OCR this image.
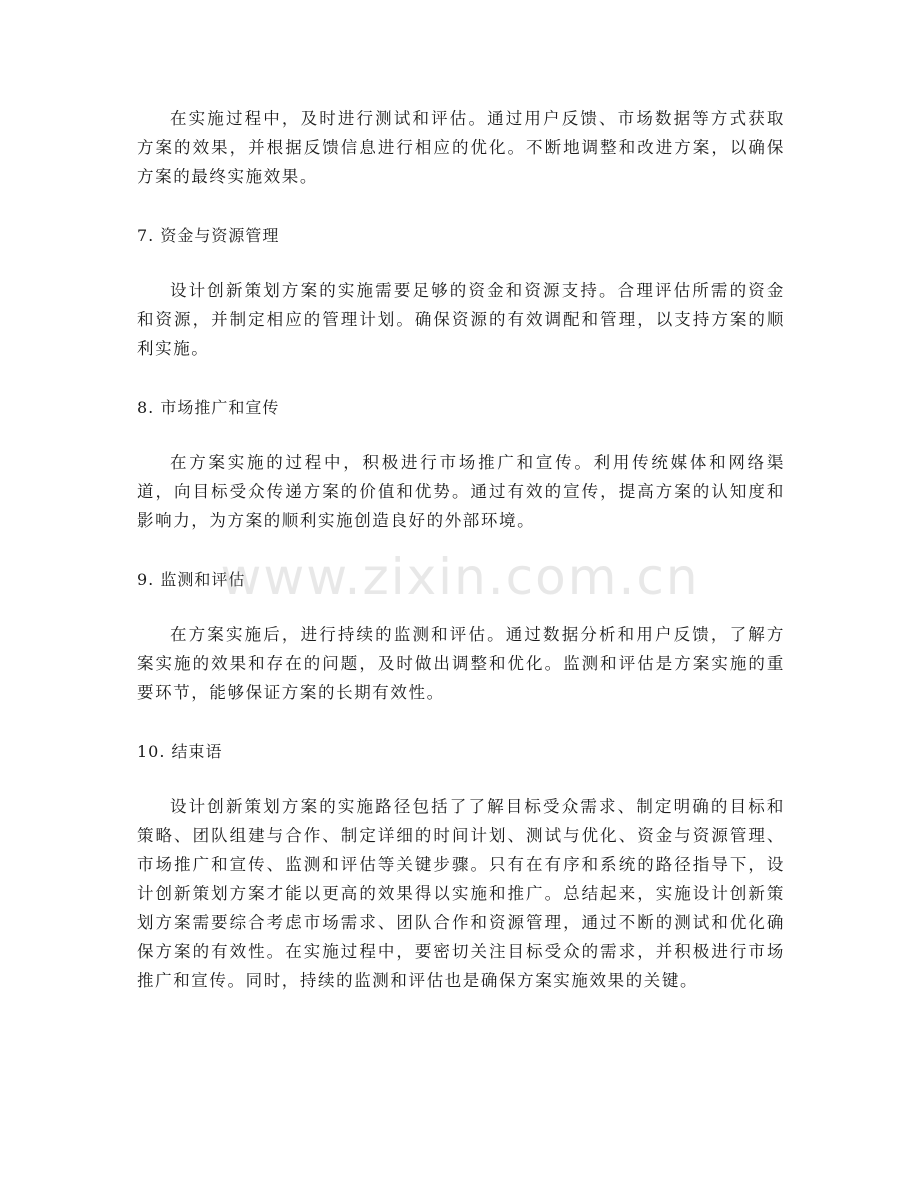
在实施过程中，及时进行测试和评估。通过用户反馈、市场数据等方式获取方案的效果，并根据反馈信息进行相应的优化。不断地调整和改进方案，以确保方案的最终实施效果。

7. 资金与资源管理

设计创新策划方案的实施需要足够的资金和资源支持。合理评估所需的资金和资源，并制定相应的管理计划。确保资源的有效调配和管理，以支持方案的顺利实施。

8. 市场推广和宣传

在方案实施的过程中，积极进行市场推广和宣传。利用传统媒体和网络渠道，向目标受众传递方案的价值和优势。通过有效的宣传，提高方案的认知度和影响力，为方案的顺利实施创造良好的外部环境。

9. 监测和评估

在方案实施后，进行持续的监测和评估。通过数据分析和用户反馈，了解方案实施的效果和存在的问题，及时做出调整和优化。监测和评估是方案实施的重要环节，能够保证方案的长期有效性。

10. 结束语

设计创新策划方案的实施路径包括了了解目标受众需求、制定明确的目标和策略、团队组建与合作、制定详细的时间计划、测试与优化、资金与资源管理、市场推广和宣传、监测和评估等关键步骤。只有在有序和系统的路径指导下，设计创新策划方案才能以更高的效果得以实施和推广。总结起来，实施设计创新策划方案需要综合考虑市场需求、团队合作和资源管理，通过不断的测试和优化确保方案的有效性。在实施过程中，要密切关注目标受众的需求，并积极进行市场推广和宣传。同时，持续的监测和评估也是确保方案实施效果的关键。

www.zixin.com.cn
